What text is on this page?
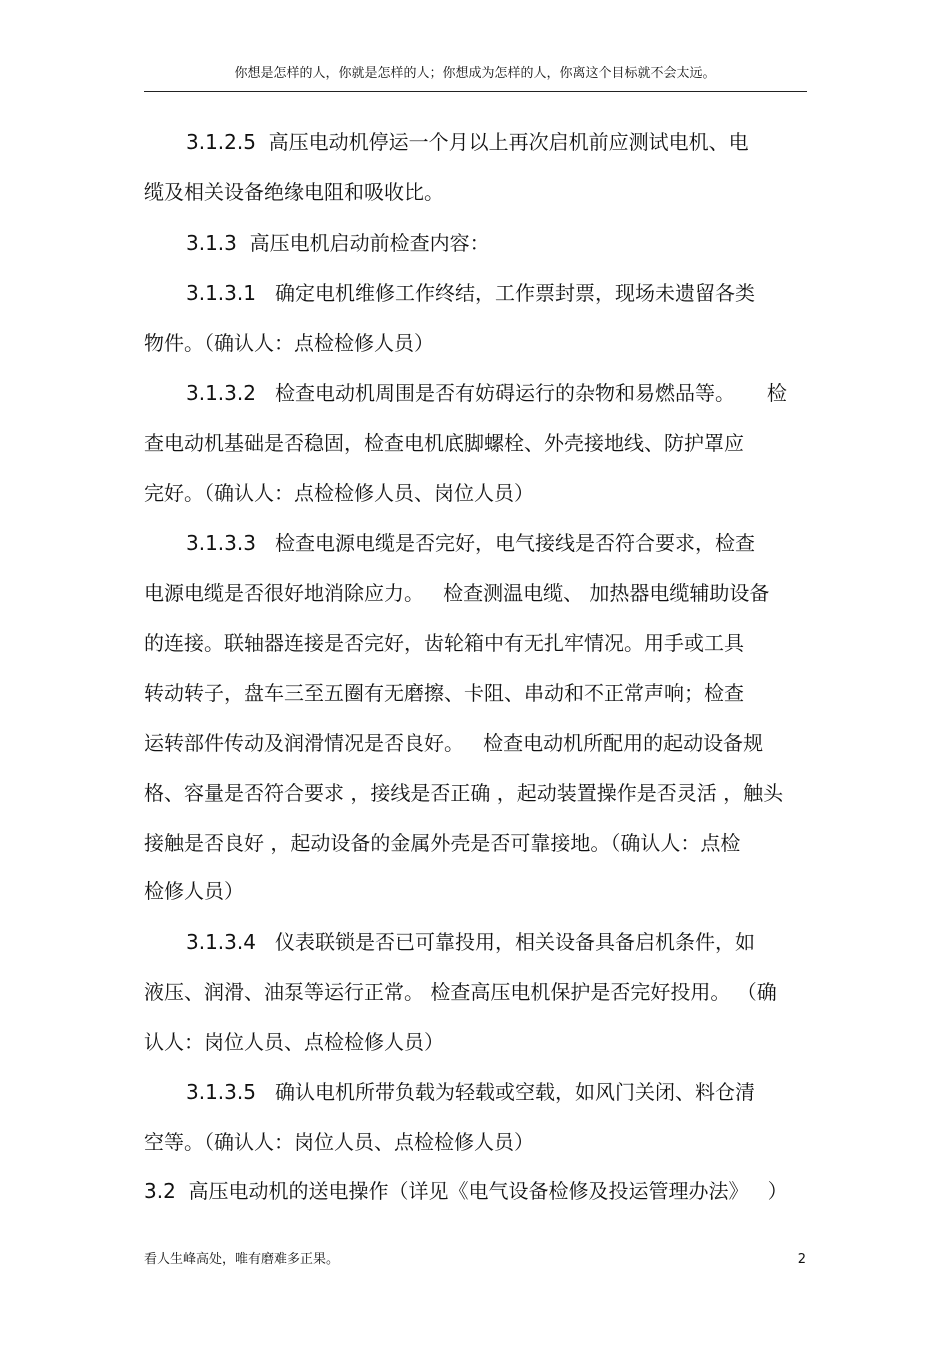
你想是怎样的人，你就是怎样的人；你想成为怎样的人，你离这个目标就不会太远。
3.1.2.5  高压电动机停运一个月以上再次启机前应测试电机、电
缆及相关设备绝缘电阻和吸收比。
3.1.3  高压电机启动前检查内容：
3.1.3.1   确定电机维修工作终结，工作票封票，现场未遗留各类
物件。（确认人：点检检修人员）
3.1.3.2   检查电动机周围是否有妨碍运行的杂物和易燃品等。     检
查电动机基础是否稳固，检查电机底脚螺栓、外壳接地线、防护罩应
完好。（确认人：点检检修人员、岗位人员）
3.1.3.3   检查电源电缆是否完好，电气接线是否符合要求，检查
电源电缆是否很好地消除应力。   检查测温电缆、 加热器电缆辅助设备
的连接。联轴器连接是否完好，齿轮箱中有无扎牢情况。用手或工具
转动转子，盘车三至五圈有无磨擦、卡阻、串动和不正常声响；检查
运转部件传动及润滑情况是否良好。   检查电动机所配用的起动设备规
格、容量是否符合要求 ，接线是否正确 ，起动装置操作是否灵活 ，触头
接触是否良好 ，起动设备的金属外壳是否可靠接地。（确认人：点检
检修人员）
3.1.3.4   仪表联锁是否已可靠投用，相关设备具备启机条件，如
液压、润滑、油泵等运行正常。 检查高压电机保护是否完好投用。 （确
认人：岗位人员、点检检修人员）
3.1.3.5   确认电机所带负载为轻载或空载，如风门关闭、料仓清
空等。（确认人：岗位人员、点检检修人员）
3.2  高压电动机的送电操作（详见《电气设备检修及投运管理办法》   ）
看人生峰高处，唯有磨难多正果。	2
